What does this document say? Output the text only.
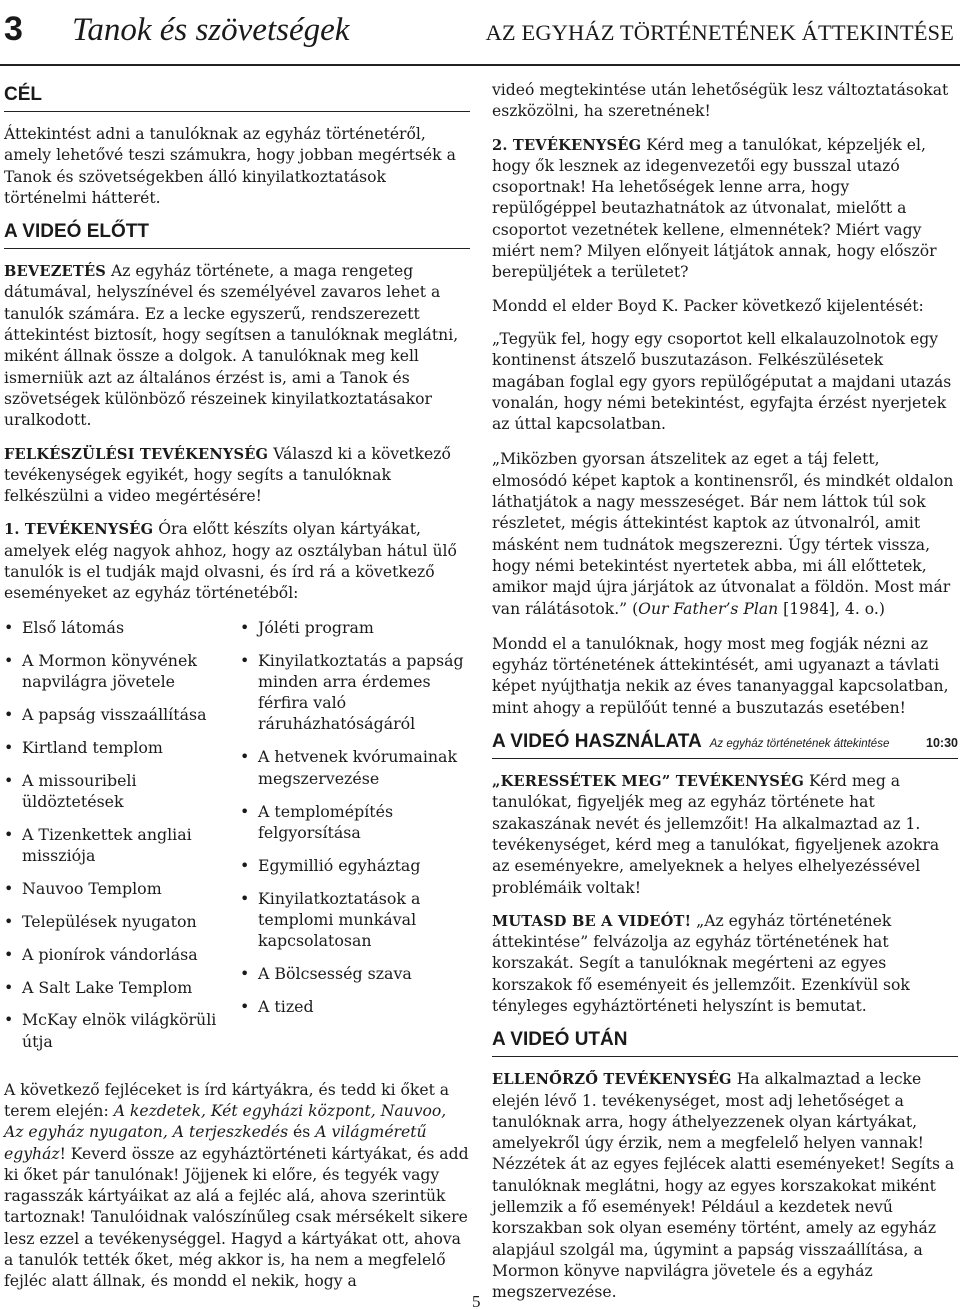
3 Tanok és szövetségek	AZ EGYHÁZ TÖRTÉNETÉNEK ÁTTEKINTÉSE
CÉL

Áttekintést adni a tanulóknak az egyház történetéről, amely lehetővé teszi számukra, hogy jobban megértsék a Tanok és szövetségekben álló kinyilatkoztatások történelmi hátterét.

A VIDEÓ ELŐTT

BEVEZETÉS Az egyház története, a maga rengeteg dátumával, helyszínével és személyével zavaros lehet a tanulók számára. Ez a lecke egyszerű, rendszerezett áttekintést biztosít, hogy segítsen a tanulóknak meglátni, miként állnak össze a dolgok. A tanulóknak meg kell ismerniük azt az általános érzést is, ami a Tanok és szövetségek különböző részeinek kinyilatkoztatásakor uralkodott.

FELKÉSZÜLÉSI TEVÉKENYSÉG Válaszd ki a következő tevékenységek egyikét, hogy segíts a tanulóknak felkészülni a video megértésére!

1. TEVÉKENYSÉG Óra előtt készíts olyan kártyákat, amelyek elég nagyok ahhoz, hogy az osztályban hátul ülő tanulók is el tudják majd olvasni, és írd rá a következő eseményeket az egyház történetéből:

• Első látomás
• A Mormon könyvének napvilágra jövetele
• A papság visszaállítása
• Kirtland templom
• A missouribeli üldöztetések
• A Tizenkettek angliai missziója
• Nauvoo Templom
• Települések nyugaton
• A pionírok vándorlása
• A Salt Lake Templom
• McKay elnök világkörüli útja
• Jóléti program
• Kinyilatkoztatás a papság minden arra érdemes férfira való ráruházhatóságáról
• A hetvenek kvórumainak megszervezése
• A templomépítés felgyorsítása
• Egymillió egyháztag
• Kinyilatkoztatások a templomi munkával kapcsolatosan
• A Bölcsesség szava
• A tized

A következő fejléceket is írd kártyákra, és tedd ki őket a terem elején: A kezdetek, Két egyházi központ, Nauvoo, Az egyház nyugaton, A terjeszkedés és A világméretű egyház! Keverd össze az egyháztörténeti kártyákat, és add ki őket pár tanulónak! Jöjjenek ki előre, és tegyék vagy ragasszák kártyáikat az alá a fejléc alá, ahova szerintük tartoznak! Tanulóidnak valószínűleg csak mérsékelt sikere lesz ezzel a tevékenységgel. Hagyd a kártyákat ott, ahova a tanulók tették őket, még akkor is, ha nem a megfelelő fejléc alatt állnak, és mondd el nekik, hogy a

videó megtekintése után lehetőségük lesz változtatásokat eszközölni, ha szeretnének!

2. TEVÉKENYSÉG Kérd meg a tanulókat, képzeljék el, hogy ők lesznek az idegenvezetői egy busszal utazó csoportnak! Ha lehetőségek lenne arra, hogy repülőgéppel beutazhatnátok az útvonalat, mielőtt a csoportot vezetnétek kellene, elmennétek? Miért vagy miért nem? Milyen előnyeit látjátok annak, hogy először berepüljétek a területet?

Mondd el elder Boyd K. Packer következő kijelentését:

„Tegyük fel, hogy egy csoportot kell elkalauzolnotok egy kontinenst átszelő buszutazáson. Felkészülésetek magában foglal egy gyors repülőgéputat a majdani utazás vonalán, hogy némi betekintést, egyfajta érzést nyerjetek az úttal kapcsolatban.

„Miközben gyorsan átszelitek az eget a táj felett, elmosódó képet kaptok a kontinensről, és mindkét oldalon láthatjátok a nagy messzeséget. Bár nem láttok túl sok részletet, mégis áttekintést kaptok az útvonalról, amit másként nem tudnátok megszerezni. Úgy tértek vissza, hogy némi betekintést nyertetek abba, mi áll előttetek, amikor majd újra járjátok az útvonalat a földön. Most már van rálátásotok.” (Our Father’s Plan [1984], 4. o.)

Mondd el a tanulóknak, hogy most meg fogják nézni az egyház történetének áttekintését, ami ugyanazt a távlati képet nyújthatja nekik az éves tananyaggal kapcsolatban, mint ahogy a repülőút tenné a buszutazás esetében!

A VIDEÓ HASZNÁLATA Az egyház történetének áttekintése	10:30

„KERESSÉTEK MEG” TEVÉKENYSÉG Kérd meg a tanulókat, figyeljék meg az egyház története hat szakaszának nevét és jellemzőit! Ha alkalmaztad az 1. tevékenységet, kérd meg a tanulókat, figyeljenek azokra az eseményekre, amelyeknek a helyes elhelyezéssével problémáik voltak!

MUTASD BE A VIDEÓT! „Az egyház történetének áttekintése” felvázolja az egyház történetének hat korszakát. Segít a tanulóknak megérteni az egyes korszakok fő eseményeit és jellemzőit. Ezenkívül sok tényleges egyháztörténeti helyszínt is bemutat.

A VIDEÓ UTÁN

ELLENŐRZŐ TEVÉKENYSÉG Ha alkalmaztad a lecke elején lévő 1. tevékenységet, most adj lehetőséget a tanulóknak arra, hogy áthelyezzenek olyan kártyákat, amelyekről úgy érzik, nem a megfelelő helyen vannak! Nézzétek át az egyes fejlécek alatti eseményeket! Segíts a tanulóknak meglátni, hogy az egyes korszakokat miként jellemzik a fő események! Például a kezdetek nevű korszakban sok olyan esemény történt, amely az egyház alapjául szolgál ma, úgymint a papság visszaállítása, a Mormon könyve napvilágra jövetele és a egyház megszervezése.

5
